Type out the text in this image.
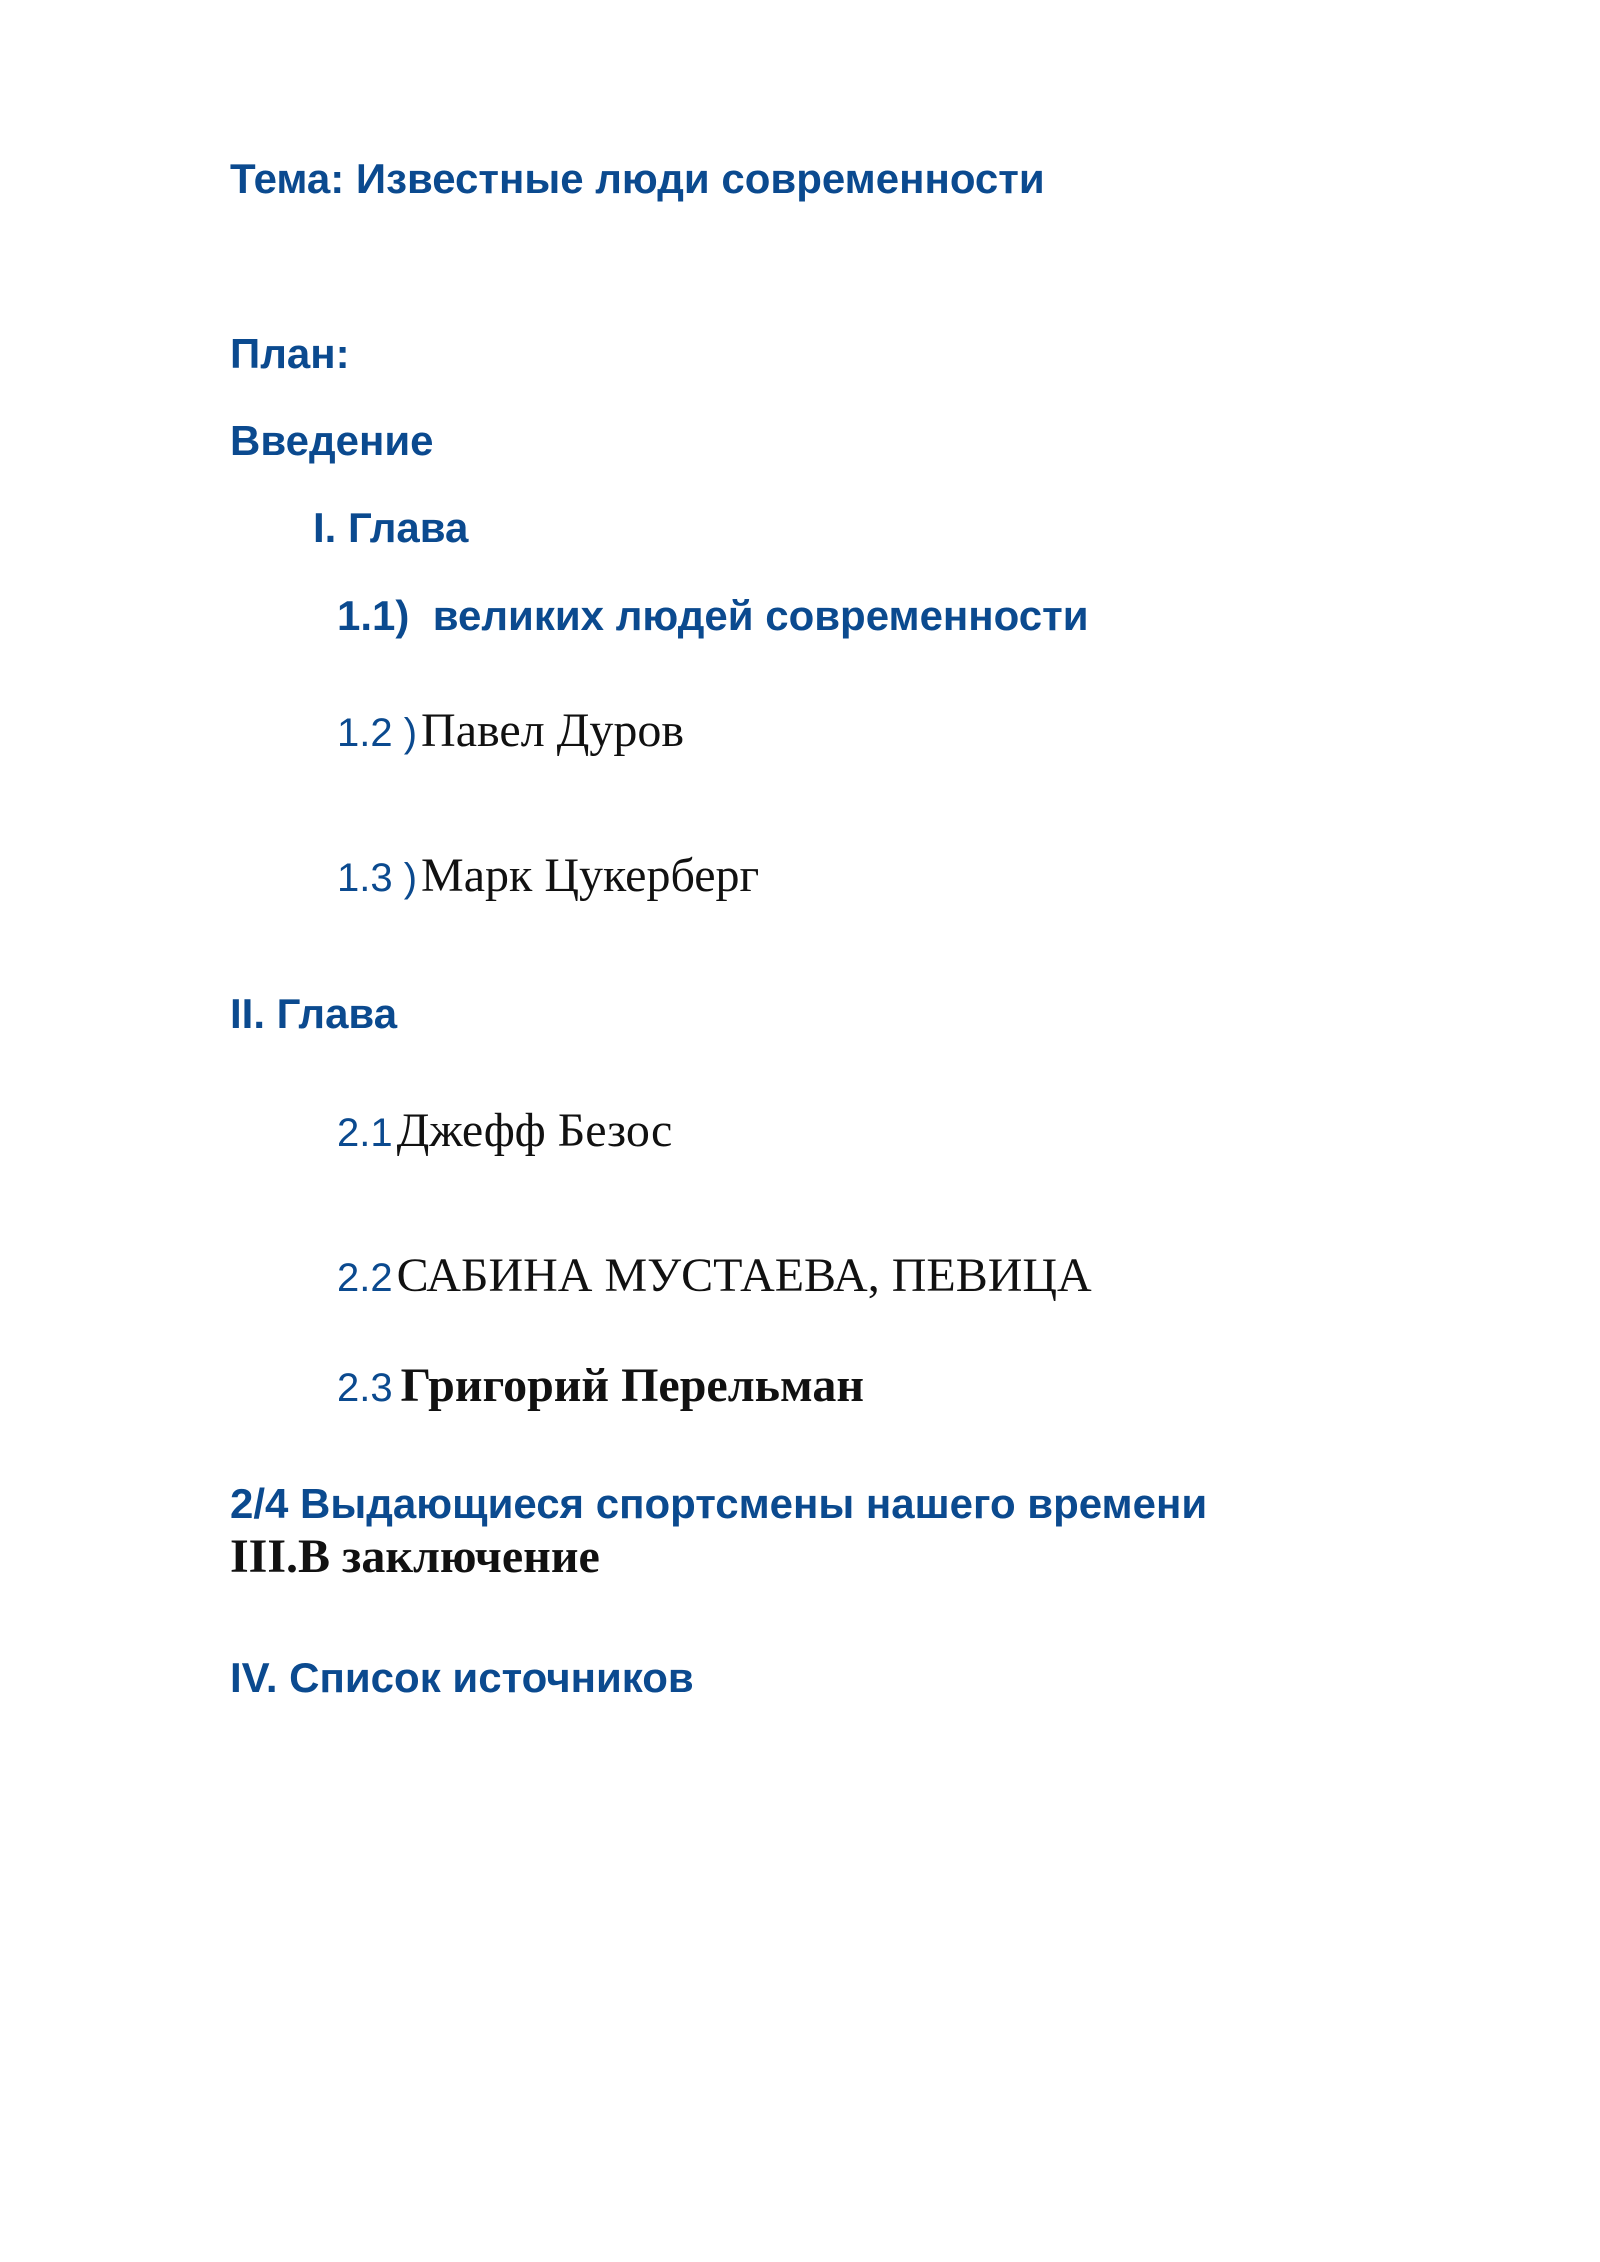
Тема: Известные люди современности
План:
Введение
I. Глава
1.1) великих людей современности
1.2 ) Павел Дуров
1.3 ) Марк Цукерберг
II. Глава
2.1 Джефф Безос
2.2 САБИНА МУСТАЕВА, ПЕВИЦА
2.3 Григорий Перельман
2/4 Выдающиеся спортсмены нашего времени
III.В заключение
IV. Список источников
